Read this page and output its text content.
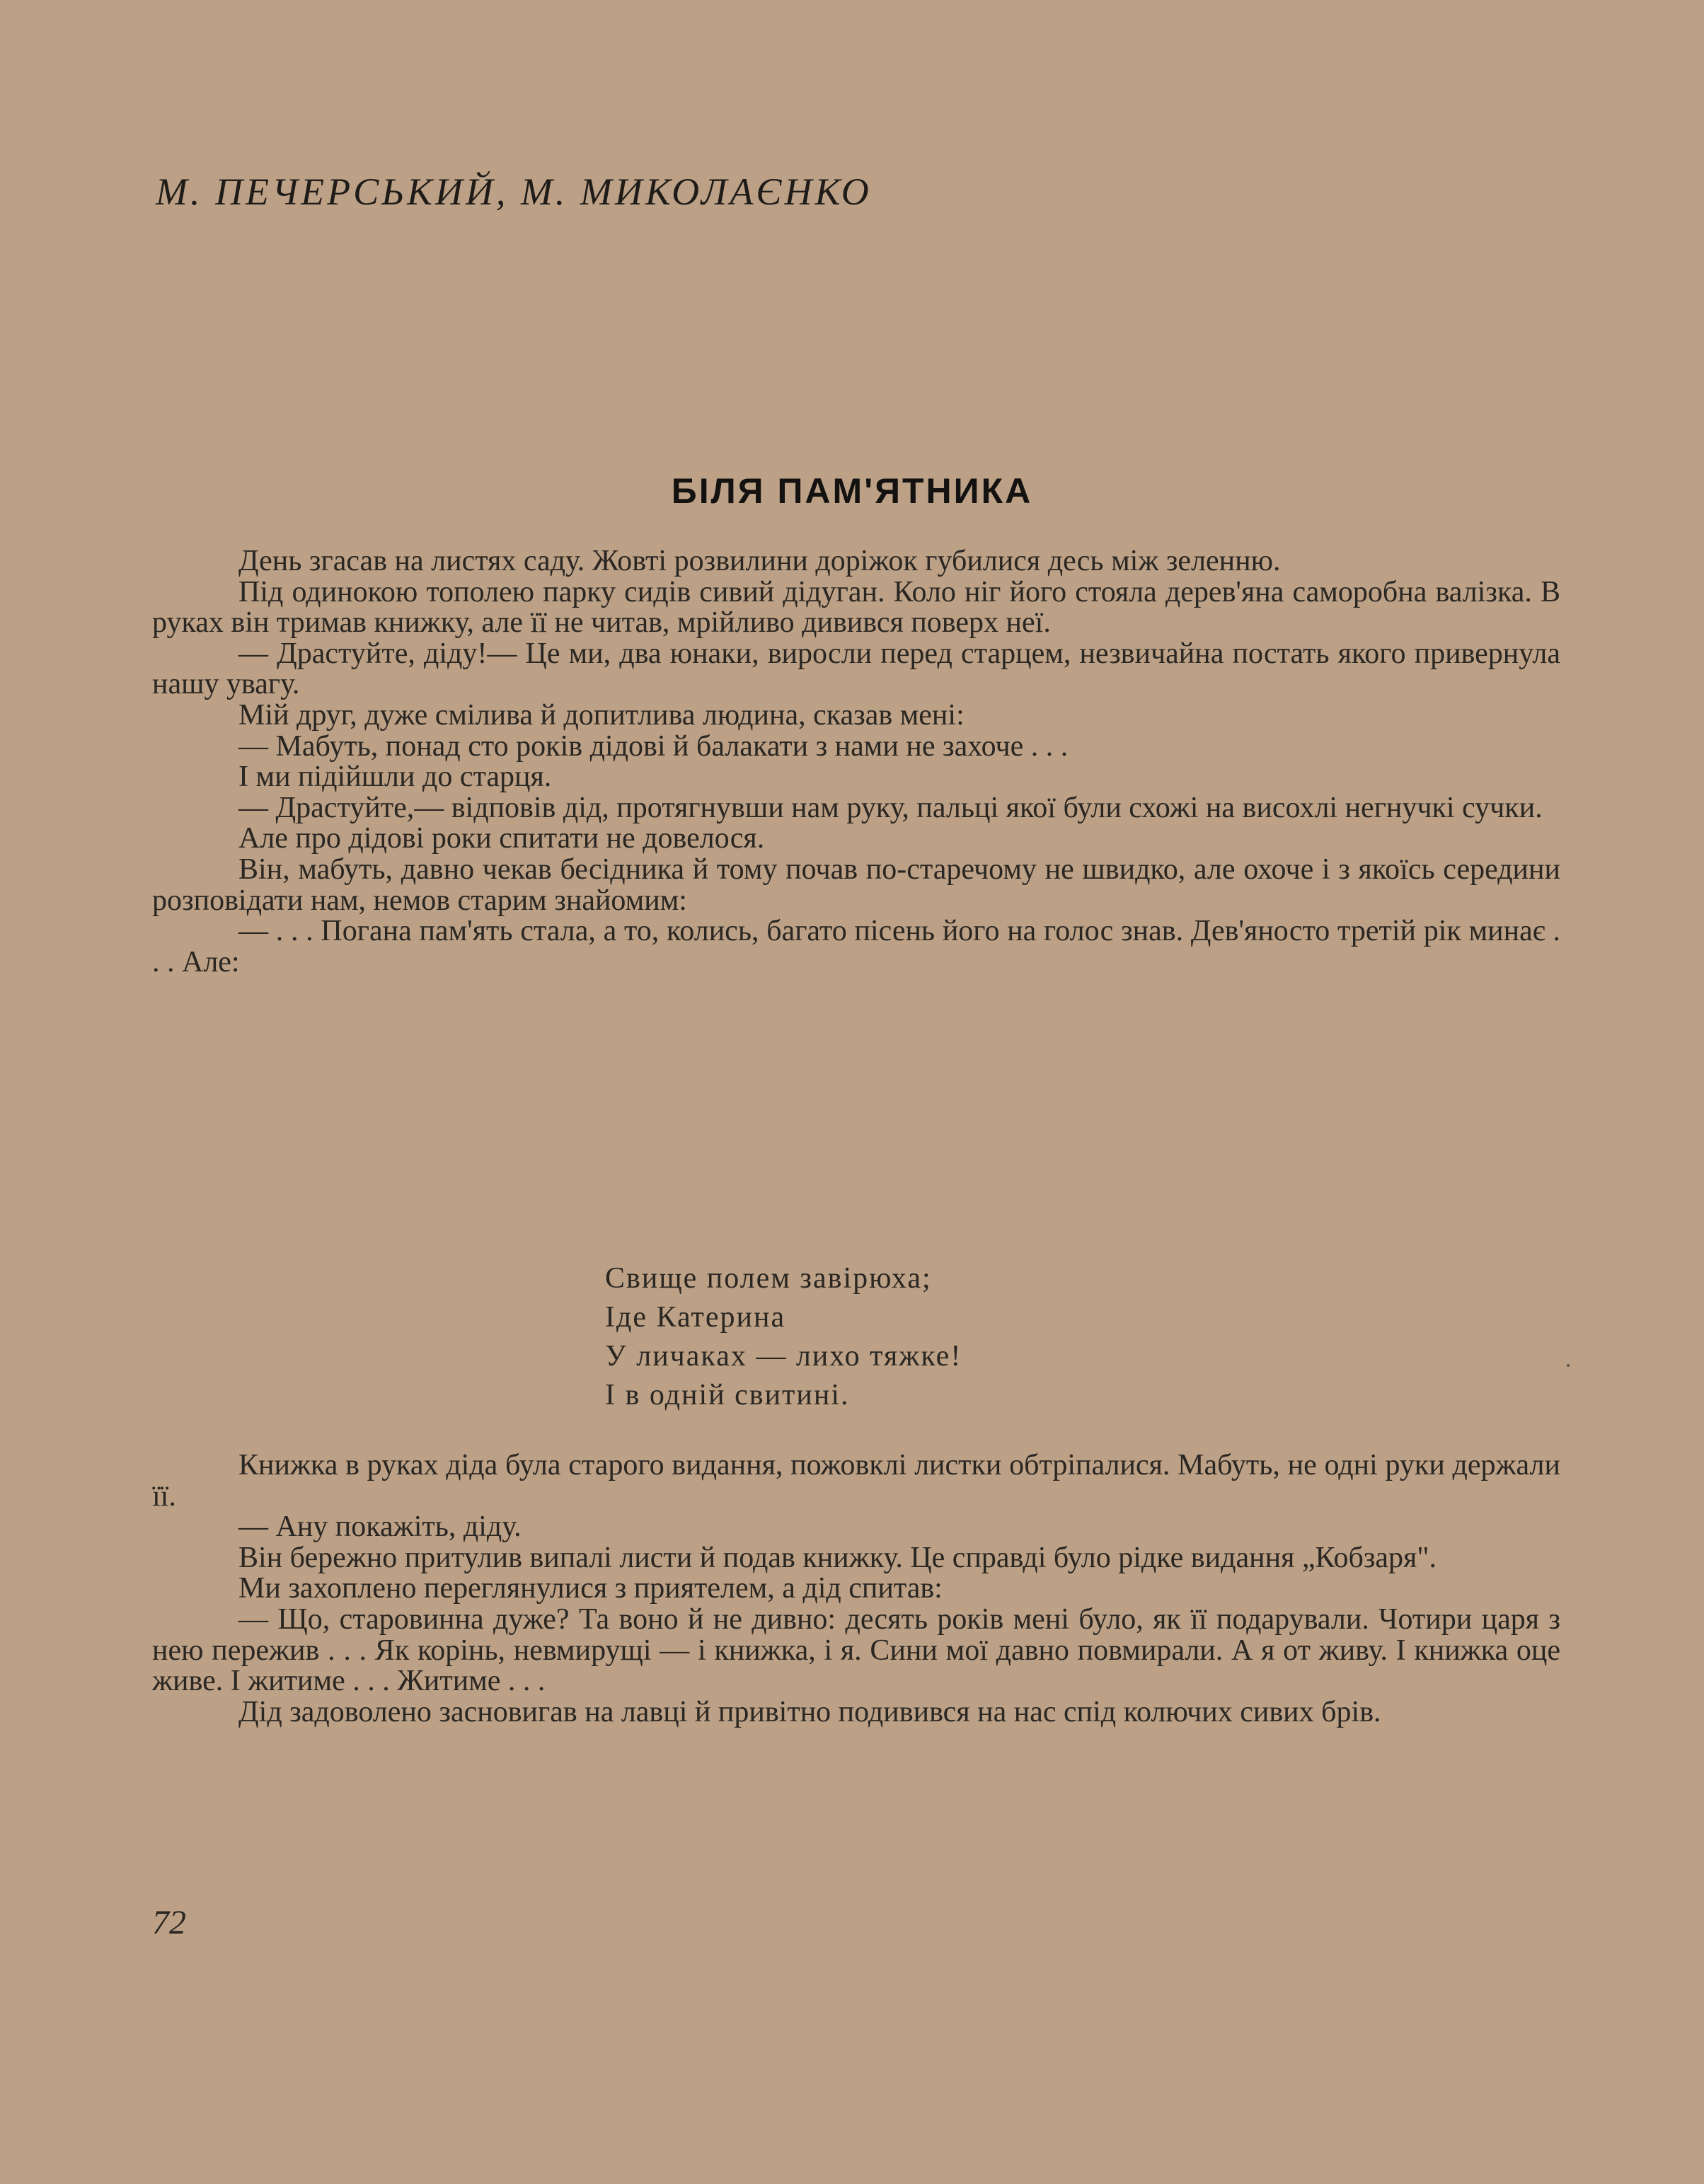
М. ПЕЧЕРСЬКИЙ, М. МИКОЛАЄНКО
БІЛЯ ПАМ'ЯТНИКА

День згасав на листях саду. Жовті розвилини доріжок губилися десь між зеленню.

Під одинокою тополею парку сидів сивий дідуган. Коло ніг його стояла дерев'яна саморобна валізка. В руках він тримав книжку, але її не читав, мрійливо дивився поверх неї.

— Драстуйте, діду!— Це ми, два юнаки, виросли перед старцем, незвичайна постать якого привернула нашу увагу.

Мій друг, дуже смілива й допитлива людина, сказав мені:

— Мабуть, понад сто років дідові й балакати з нами не захоче . . .

І ми підійшли до старця.

— Драстуйте,— відповів дід, протягнувши нам руку, пальці якої були схожі на висохлі негнучкі сучки.

Але про дідові роки спитати не довелося.

Він, мабуть, давно чекав бесідника й тому почав по-старечому не швидко, але охоче і з якоїсь середини розповідати нам, немов старим знайомим:

— . . . Погана пам'ять стала, а то, колись, багато пісень його на голос знав. Дев'яносто третій рік минає . . . Але:

Свище полем завірюха;
Іде Катерина
У личаках — лихо тяжке!
І в одній свитині.

Книжка в руках діда була старого видання, пожовклі листки обтріпалися. Мабуть, не одні руки держали її.

— Ану покажіть, діду.

Він бережно притулив випалі листи й подав книжку. Це справді було рідке видання „Кобзаря".

Ми захоплено переглянулися з приятелем, а дід спитав:

— Що, старовинна дуже? Та воно й не дивно: десять років мені було, як її подарували. Чотири царя з нею пережив . . . Як корінь, невмирущі — і книжка, і я. Сини мої давно повмирали. А я от живу. І книжка оце живе. І житиме . . . Житиме . . .

Дід задоволено засновигав на лавці й привітно подивився на нас спід колючих сивих брів.

72
